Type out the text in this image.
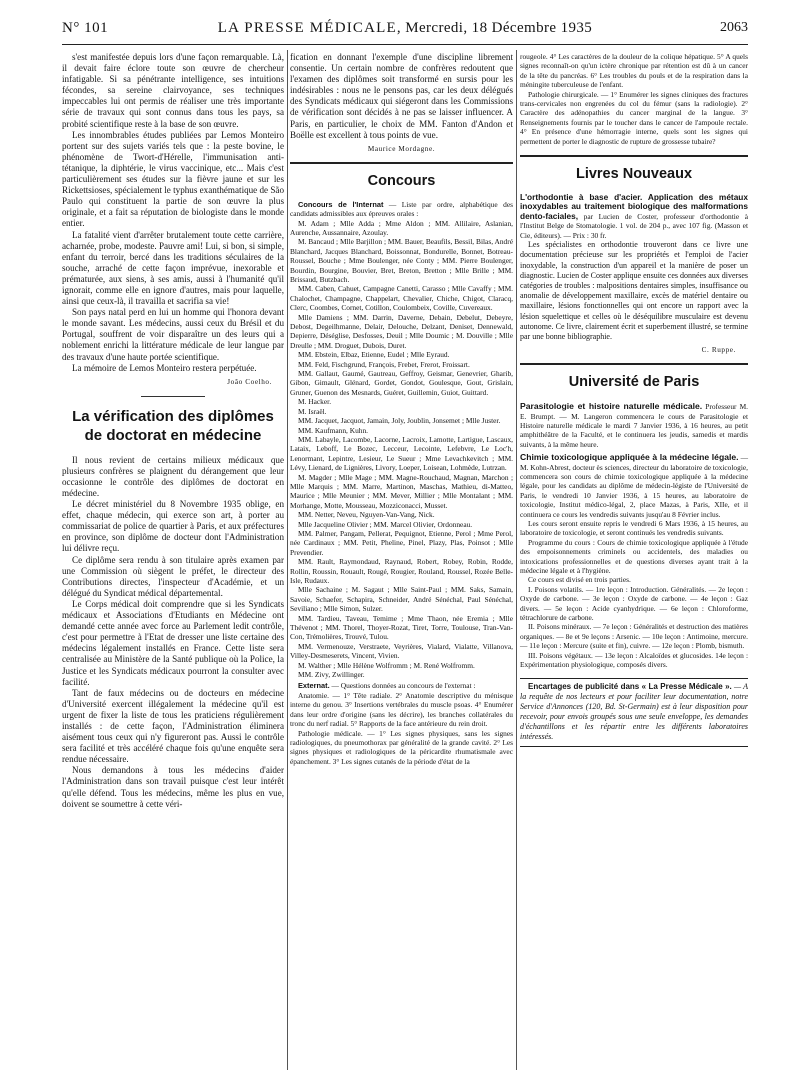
N° 101	LA PRESSE MÉDICALE, Mercredi, 18 Décembre 1935	2063

s'est manifestée depuis lors d'une façon remarquable. Là, il devait faire éclore toute son œuvre de chercheur infatigable. Si sa pénétrante intelligence, ses intuitions fécondes, sa sereine clairvoyance, ses techniques impeccables lui ont permis de réaliser une très importante série de travaux qui sont connus dans tous les pays, sa probité scientifique reste à la base de son œuvre.

Les innombrables études publiées par Lemos Monteiro portent sur des sujets variés tels que : la peste bovine, le phénomène de Twort-d'Hérelle, l'immunisation anti-tétanique, la diphtérie, le virus vaccinique, etc... Mais c'est particulièrement ses études sur la fièvre jaune et sur les Rickettsioses, spécialement le typhus exanthématique de São Paulo qui constituent la partie de son œuvre la plus originale, et a fait sa réputation de biologiste dans le monde entier.

La fatalité vient d'arrêter brutalement toute cette carrière, acharnée, probe, modeste. Pauvre ami! Lui, si bon, si simple, enfant du terroir, bercé dans les traditions séculaires de la souche, arraché de cette façon imprévue, inexorable et prématurée, aux siens, à ses amis, aussi à l'humanité qu'il ignorait, comme elle en ignore d'autres, mais pour laquelle, ainsi que ceux-là, il travailla et sacrifia sa vie!

Son pays natal perd en lui un homme qui l'honora devant le monde savant. Les médecins, aussi ceux du Brésil et du Portugal, souffrent de voir disparaître un des leurs qui a noblement enrichi la littérature médicale de leur langue par des travaux d'une haute portée scientifique.

La mémoire de Lemos Monteiro restera perpétuée.

João Coelho.
La vérification des diplômes de doctorat en médecine

Il nous revient de certains milieux médicaux que plusieurs confrères se plaignent du dérangement que leur occasionne le contrôle des diplômes de doctorat en médecine.

Le décret ministériel du 8 Novembre 1935 oblige, en effet, chaque médecin, qui exerce son art, à porter au commissariat de police de quartier à Paris, et aux préfectures en province, son diplôme de docteur dont l'Administration lui délivre reçu.

Ce diplôme sera rendu à son titulaire après examen par une Commission où siègent le préfet, le directeur des Contributions directes, l'inspecteur d'Académie, et un délégué du Syndicat médical départemental.

Le Corps médical doit comprendre que si les Syndicats médicaux et Associations d'Etudiants en Médecine ont demandé cette année avec force au Parlement ledit contrôle, c'est pour permettre à l'Etat de dresser une liste certaine des médecins légalement installés en France. Cette liste sera centralisée au Ministère de la Santé publique où la Police, la Justice et les Syndicats médicaux pourront la consulter avec facilité.

Tant de faux médecins ou de docteurs en médecine d'Université exercent illégalement la médecine qu'il est urgent de fixer la liste de tous les praticiens régulièrement installés : de cette façon, l'Administration éliminera aisément tous ceux qui n'y figureront pas. Aussi le contrôle sera facilité et très accéléré chaque fois qu'une enquête sera rendue nécessaire.

Nous demandons à tous les médecins d'aider l'Administration dans son travail puisque c'est leur intérêt qu'elle défend. Tous les médecins, même les plus en vue, doivent se soumettre à cette véri-

fication en donnant l'exemple d'une discipline librement consentie. Un certain nombre de confrères redoutent que l'examen des diplômes soit transformé en sursis pour les indésirables : nous ne le pensons pas, car les deux délégués des Syndicats médicaux qui siégeront dans les Commissions de vérification sont décidés à ne pas se laisser influencer. A Paris, en particulier, le choix de MM. Fanton d'Andon et Boëlle est excellent à tous points de vue.

Maurice Mordagne.
Concours

Concours de l'Internat — Liste par ordre, alphabétique des candidats admissibles aux épreuves orales :

M. Adam ; Mlle Adda ; Mme Aldon ; MM. Allilaire, Aslanian, Aurenche, Aussannaire, Azoulay.

M. Bancaud ; Mlle Barjillon ; MM. Bauer, Beaufils, Bessil, Bilas, André Blanchard, Jacques Blanchard, Boissonnat, Bondurelle, Bonnet, Botreau-Roussel, Bouche ; Mme Boulenger, née Conty ; MM. Pierre Boulenger, Bourdin, Bourgine, Bouvier, Bret, Breton, Bretton ; Mlle Brille ; MM. Brissaud, Butzbach.

MM. Caben, Cahuet, Campagne Canetti, Carasso ; Mlle Cavaffy ; MM. Chalochet, Champagne, Chappelart, Chevalier, Chiche, Chigot, Claracq, Clerc, Coombes, Cornet, Cotillon, Coulombeix, Coville, Cuvereaux.

Mlle Damiens ; MM. Darrin, Daverne, Debain, Debelut, Debeyre, Debost, Degeilhmanne, Delair, Delouche, Delzant, Deniset, Dennewald, Depierre, Déséglise, Desfosses, Deuil ; Mlle Doumic ; M. Douville ; Mlle Dreulle ; MM. Droguet, Dubois, Duret.

MM. Ebstein, Elbaz, Etienne, Eudel ; Mlle Eyraud.

MM. Feld, Fischgrund, François, Frebet, Frerot, Froissart.

MM. Gallaut, Gaumé, Gautreau, Geffroy, Geismar, Genevrier, Gharib, Gibon, Gimault, Glénard, Gordet, Gondot, Goulesque, Gout, Grislain, Gruner, Guenon des Mesnards, Guéret, Guillemin, Guiot, Guittard.

M. Hacker.

M. Israël.

MM. Jacquet, Jacquot, Jamain, Joly, Joublin, Jonsemet ; Mlle Juster.

MM. Kaufmann, Kuhn.

MM. Labayle, Lacombe, Lacorne, Lacroix, Lamotte, Lartigue, Lascaux, Lataix, Leboff, Le Bozec, Lecceur, Lecointe, Lefebvre, Le Loc'h, Lenormant, Lepintre, Lesieur, Le Sueur ; Mme Levachkevitch ; MM. Lévy, Lienard, de Lignières, Livory, Loeper, Loisean, Lohmède, Lutrzan.

M. Magder ; Mlle Mage ; MM. Magne-Rouchaud, Magnan, Marchon ; Mlle Marquis ; MM. Marre, Martinon, Maschas, Mathieu, di-Matteo, Maurice ; Mlle Meunier ; MM. Mever, Millier ; Mlle Montalant ; MM. Morhange, Motte, Mousseau, Mozziconacci, Musset.

MM. Netter, Neveu, Nguyen-Van-Vang, Nick.

Mlle Jacqueline Olivier ; MM. Marcel Olivier, Ordonneau.

MM. Palmer, Pangam, Pellerat, Pequignot, Etienne, Perol ; Mme Perol, née Cardinaux ; MM. Petit, Pheline, Pinel, Plazy, Plas, Poinsot ; Mlle Prevendier.

MM. Rault, Raymondaud, Raynaud, Robert, Robey, Robin, Rodde, Rollin, Roussin, Rouault, Rougé, Rougier, Rouland, Roussel, Rozée Belle-Isle, Rudaux.

Mlle Sachaine ; M. Sagaut ; Mlle Saint-Paul ; MM. Saks, Samain, Savoie, Schaefer, Schapira, Schneider, André Sénéchal, Paul Sénéchal, Seviliano ; Mlle Simon, Sulzer.

MM. Tardieu, Taveau, Temime ; Mme Thaon, née Eremia ; Mlle Thévenot ; MM. Thorel, Thoyer-Rozat, Tiret, Torre, Toulouse, Tran-Van-Con, Trémolières, Trouvé, Tulou.

MM. Vermenouze, Verstraete, Veyrières, Vialard, Vialatte, Villanova, Villey-Desmeserets, Vincent, Vivien.

M. Walther ; Mlle Hélène Wolfromm ; M. René Wolfromm.

MM. Zivy, Zwillinger.

Externat. — Questions données au concours de l'externat :

Anatomie. — 1° Tête radiale. 2° Anatomie descriptive du ménisque interne du genou. 3° Insertions vertébrales du muscle psoas. 4° Enumérer dans leur ordre d'origine (sans les décrire), les branches collatérales du tronc du nerf radial. 5° Rapports de la face antérieure du rein droit.

Pathologie médicale. — 1° Les signes physiques, sans les signes radiologiques, du pneumothorax par généralité de la grande cavité. 2° Les signes physiques et radiologiques de la péricardite rhumatismale avec épanchement. 3° Les signes cutanés de la période d'état de la

rougeole. 4° Les caractères de la douleur de la colique hépatique. 5° A quels signes reconnaît-on qu'un ictère chronique par rétention est dû à un cancer de la tête du pancréas. 6° Les troubles du pouls et de la respiration dans la méningite tuberculeuse de l'enfant.

Pathologie chirurgicale. — 1° Enumérer les signes cliniques des fractures trans-cervicales non engrenées du col du fémur (sans la radiologie). 2° Caractère des adénopathies du cancer marginal de la langue. 3° Renseignements fournis par le toucher dans le cancer de l'ampoule rectale. 4° En présence d'une hémorragie interne, quels sont les signes qui permettent de porter le diagnostic de rupture de grossesse tubaire?

Livres Nouveaux

L'orthodontie à base d'acier. Application des métaux inoxydables au traitement biologique des malformations dento-faciales, par Lucien de Coster, professeur d'orthodontie à l'Institut Belge de Stomatologie. 1 vol. de 204 p., avec 107 fig. (Masson et Cie, éditeurs). — Prix : 30 fr.

Les spécialistes en orthodontie trouveront dans ce livre une documentation précieuse sur les propriétés et l'emploi de l'acier inoxydable, la construction d'un appareil et la manière de poser un diagnostic. Lucien de Coster applique ensuite ces données aux diverses catégories de troubles : malpositions dentaires simples, insuffisance ou anomalie de développement maxillaire, excès de matériel dentaire ou maxillaire, lésions fonctionnelles qui ont encore un rapport avec la lésion squelettique et celles où le déséquilibre musculaire est devenu autonome. Ce livre, clairement écrit et superbement illustré, se termine par une bonne bibliographie.

C. Ruppe.
Université de Paris

Parasitologie et histoire naturelle médicale. Professeur M. E. Brumpt. — M. Langeron commencera le cours de Parasitologie et Histoire naturelle médicale le mardi 7 Janvier 1936, à 16 heures, au petit amphithéâtre de la Faculté, et le continuera les jeudis, samedis et mardis suivants, à la même heure.

Chimie toxicologique appliquée à la médecine légale. — M. Kohn-Abrest, docteur ès sciences, directeur du laboratoire de toxicologie, commencera son cours de chimie toxicologique appliquée à la médecine légale, pour les candidats au diplôme de médecin-légiste de l'Université de Paris, le vendredi 10 Janvier 1936, à 15 heures, au laboratoire de toxicologie, Institut médico-légal, 2, place Mazas, à Paris, XIIe, et il continuera ce cours les vendredis suivants jusqu'au 8 Février inclus.

Les cours seront ensuite repris le vendredi 6 Mars 1936, à 15 heures, au laboratoire de toxicologie, et seront continués les vendredis suivants.

Programme du cours : Cours de chimie toxicologique appliquée à l'étude des empoisonnements criminels ou accidentels, des maladies ou intoxications professionnelles et de questions diverses ayant trait à la médecine légale et à l'hygiène.

Ce cours est divisé en trois parties.

I. Poisons volatils. — 1re leçon : Introduction. Généralités. — 2e leçon : Oxyde de carbone. — 3e leçon : Oxyde de carbone. — 4e leçon : Gaz divers. — 5e leçon : Acide cyanhydrique. — 6e leçon : Chloroforme, tétrachlorure de carbone.

II. Poisons minéraux. — 7e leçon : Généralités et destruction des matières organiques. — 8e et 9e leçons : Arsenic. — 10e leçon : Antimoine, mercure. — 11e leçon : Mercure (suite et fin), cuivre. — 12e leçon : Plomb, bismuth.

III. Poisons végétaux. — 13e leçon : Alcaloïdes et glucosides. 14e leçon : Expérimentation physiologique, composés divers.

Encartages de publicité dans « La Presse Médicale ». — A la requête de nos lecteurs et pour faciliter leur documentation, notre Service d'Annonces (120, Bd. St-Germain) est à leur disposition pour recevoir, pour envois groupés sous une seule enveloppe, les demandes d'échantillons et les répartir entre les différents laboratoires intéressés.
